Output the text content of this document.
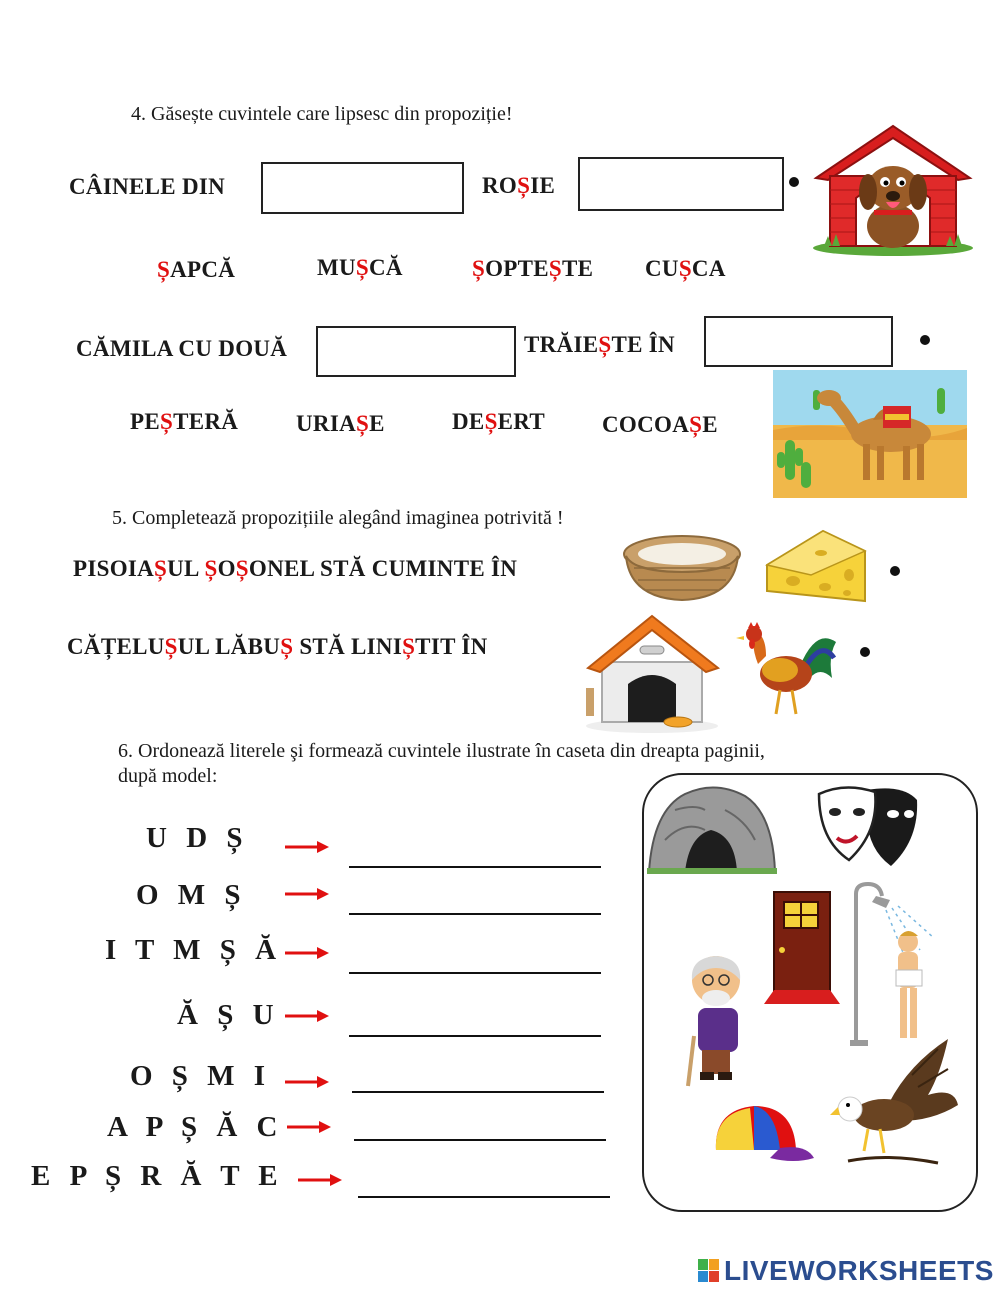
4. Găsește cuvintele care lipsesc din propoziție!
CÂINELE DIN	ROȘIE
ȘAPCĂ	MUȘCĂ	ȘOPTEȘTE CUȘCA
CĂMILA CU DOUĂ	TRĂIEȘTE ÎN
PEȘTERĂ	URIAȘE	DEȘERT COCOAȘE
5. Completează propozițiile alegând imaginea potrivită !
PISOIAȘUL ȘOȘONEL STĂ CUMINTE ÎN
CĂȚELUȘUL LĂBUȘ STĂ LINIȘTIT ÎN
6. Ordonează literele şi formează cuvintele ilustrate în caseta din dreapta paginii,
după model:
U D Ș
O M Ș
I T M Ș Ă
Ă Ș U
O Ș M I
A P Ș Ă C
E P Ș R Ă T E
LIVEWORKSHEETS
